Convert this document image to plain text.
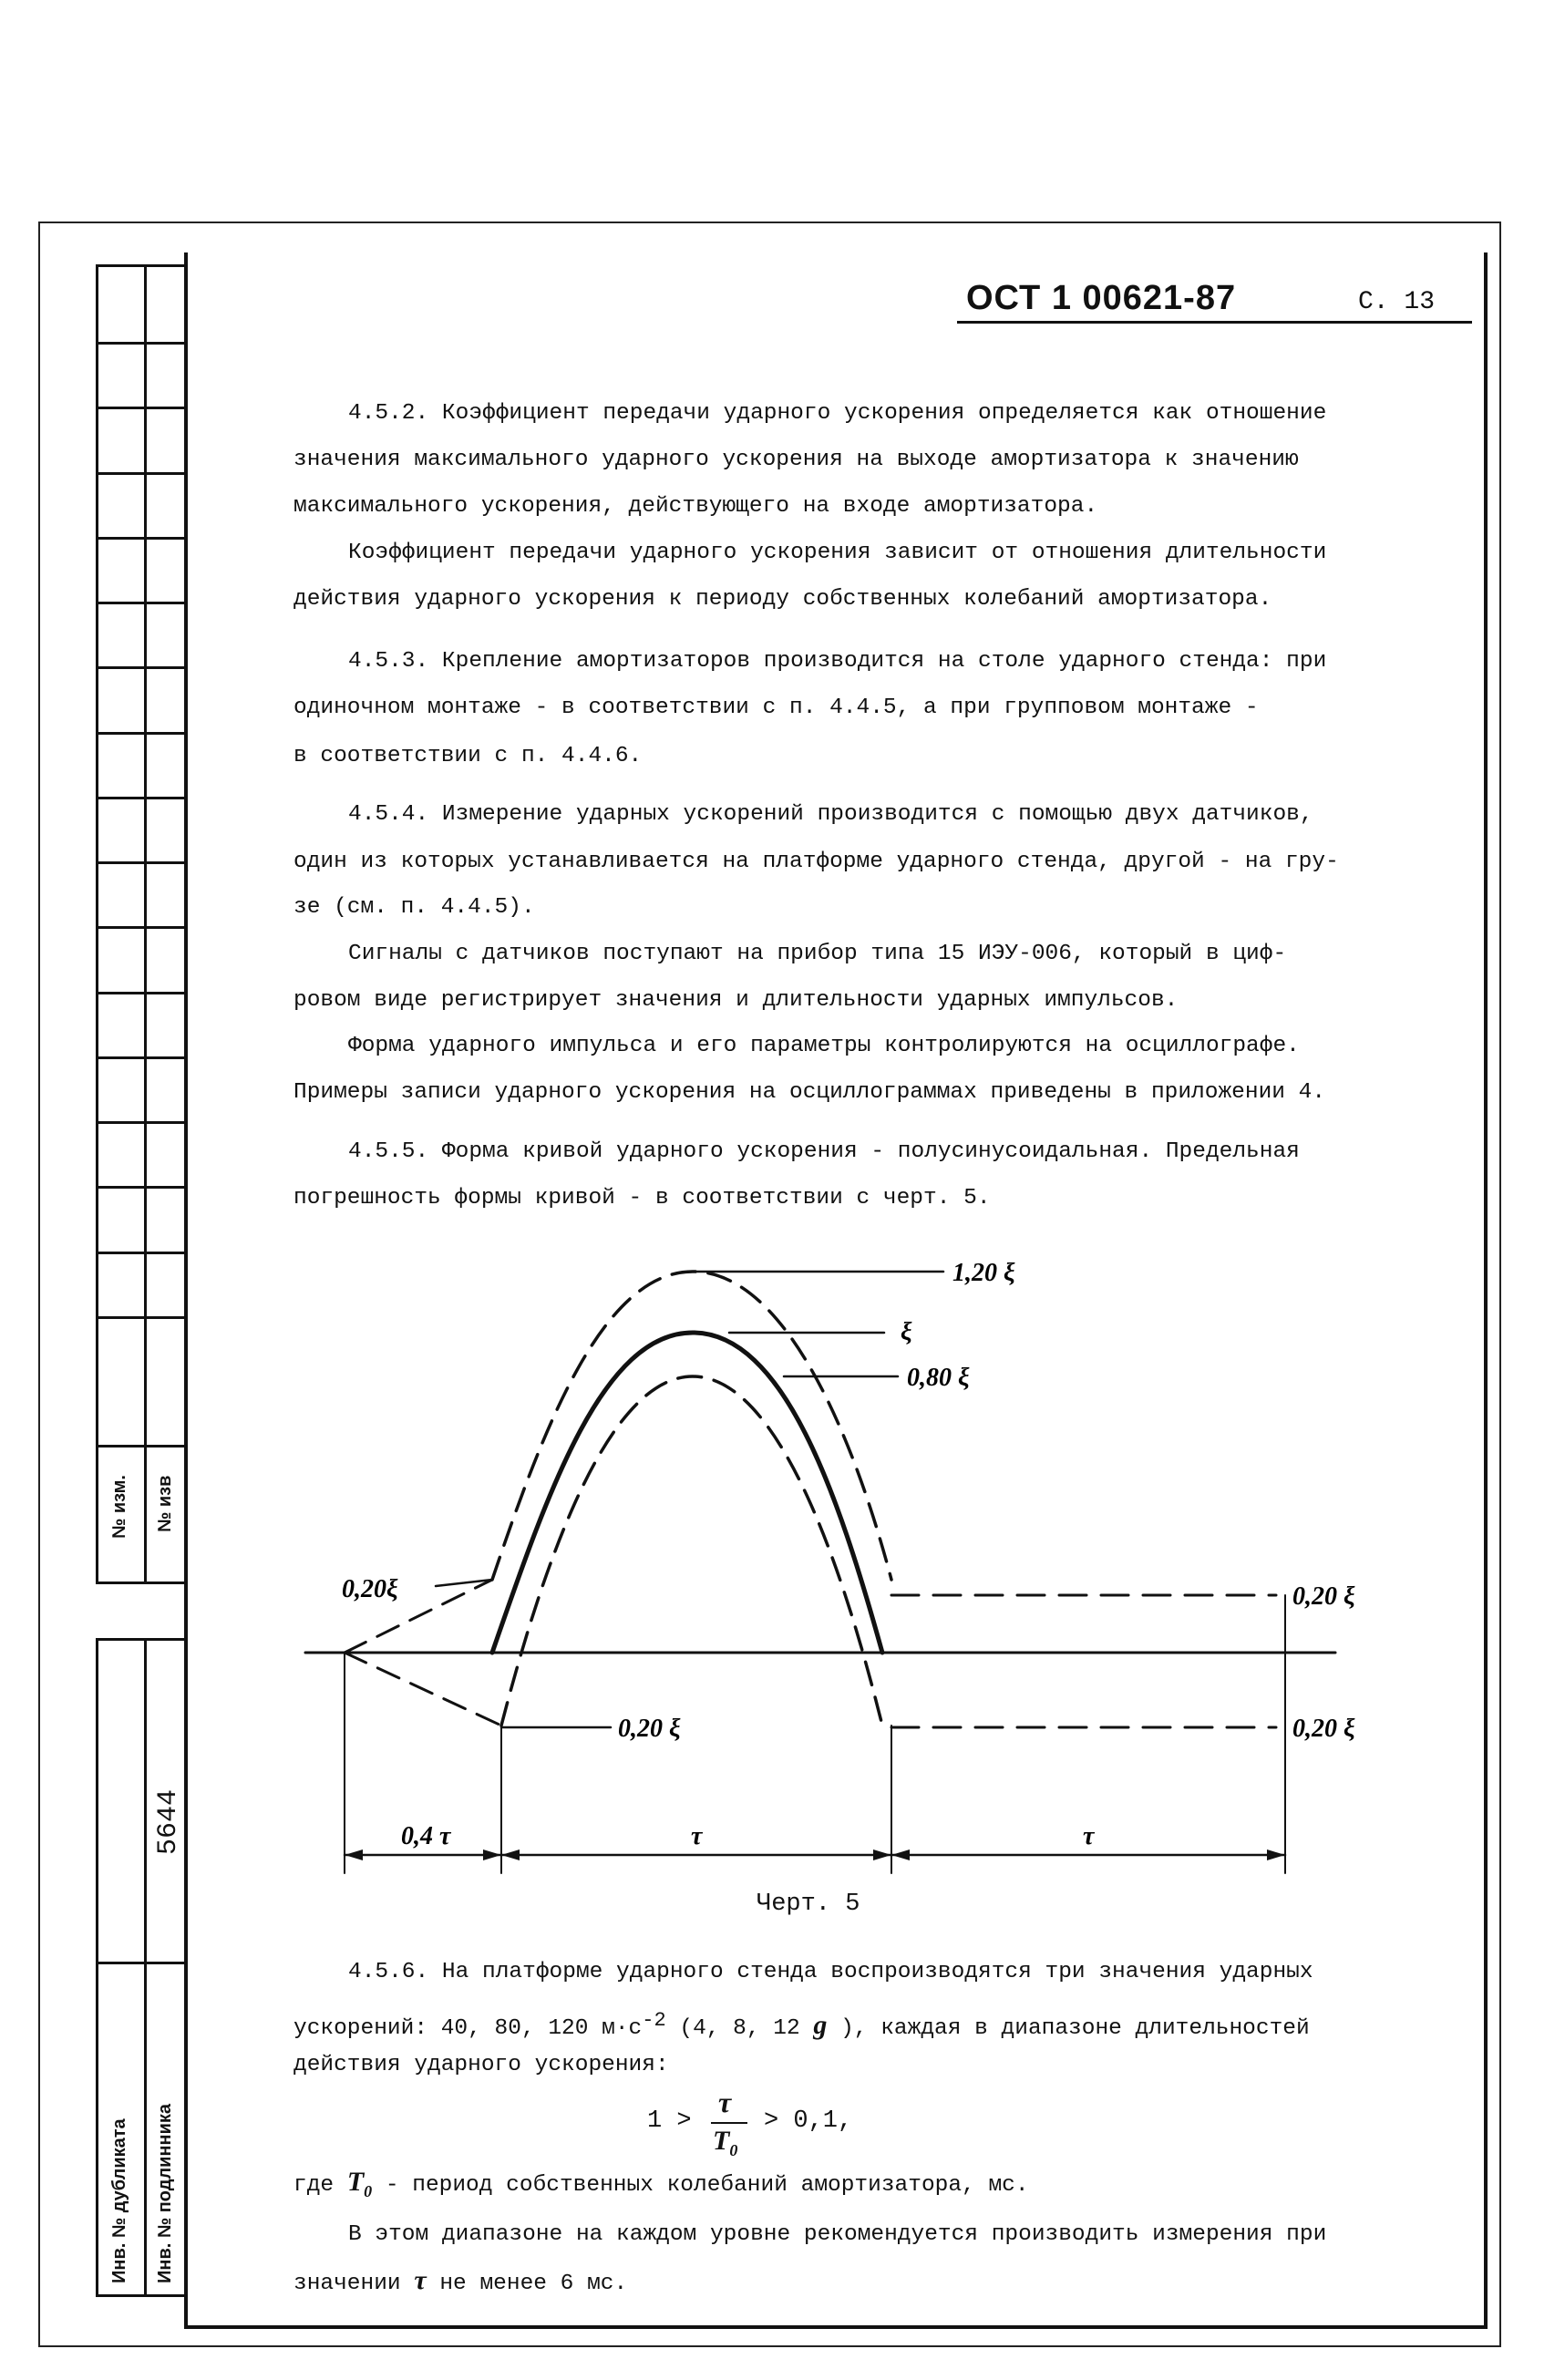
№ изм. № изв
5644
Инв. № дубликата Инв. № подлинника
ОСТ 1 00621-87	С. 13

4.5.2. Коэффициент передачи ударного ускорения определяется как отношение

значения максимального ударного ускорения на выходе амортизатора к значению

максимального ускорения, действующего на входе амортизатора.

Коэффициент передачи ударного ускорения зависит от отношения длительности

действия ударного ускорения к периоду собственных колебаний амортизатора.

4.5.3. Крепление амортизаторов производится на столе ударного стенда: при

одиночном монтаже - в соответствии с п. 4.4.5, а при групповом монтаже -

в соответствии с п. 4.4.6.

4.5.4. Измерение ударных ускорений производится с помощью двух датчиков,

один из которых устанавливается на платформе ударного стенда, другой - на гру-

зе (см. п. 4.4.5).

Сигналы с датчиков поступают на прибор типа 15 ИЭУ-006, который в циф-

ровом виде регистрирует значения и длительности ударных импульсов.

Форма ударного импульса и его параметры контролируются на осциллографе.

Примеры записи ударного ускорения на осциллограммах приведены в приложении 4.

4.5.5. Форма кривой ударного ускорения - полусинусоидальная. Предельная

погрешность формы кривой - в соответствии с черт. 5.

1,20 ξ
ξ
0,80 ξ
0,20ξ
0,20 ξ
0,20 ξ
0,20 ξ
0,4 τ	τ	τ
Черт. 5

4.5.6. На платформе ударного стенда воспроизводятся три значения ударных

ускорений: 40, 80, 120 $м\cdot с^{-2}$ (4, 8, 12 g ), каждая в диапазоне длительностей

действия ударного ускорения:

1 >
τ
$T_0$
> 0,1,
где $T_0$ - период собственных колебаний амортизатора, мс.

В этом диапазоне на каждом уровне рекомендуется производить измерения при

значении τ не менее 6 мс.
